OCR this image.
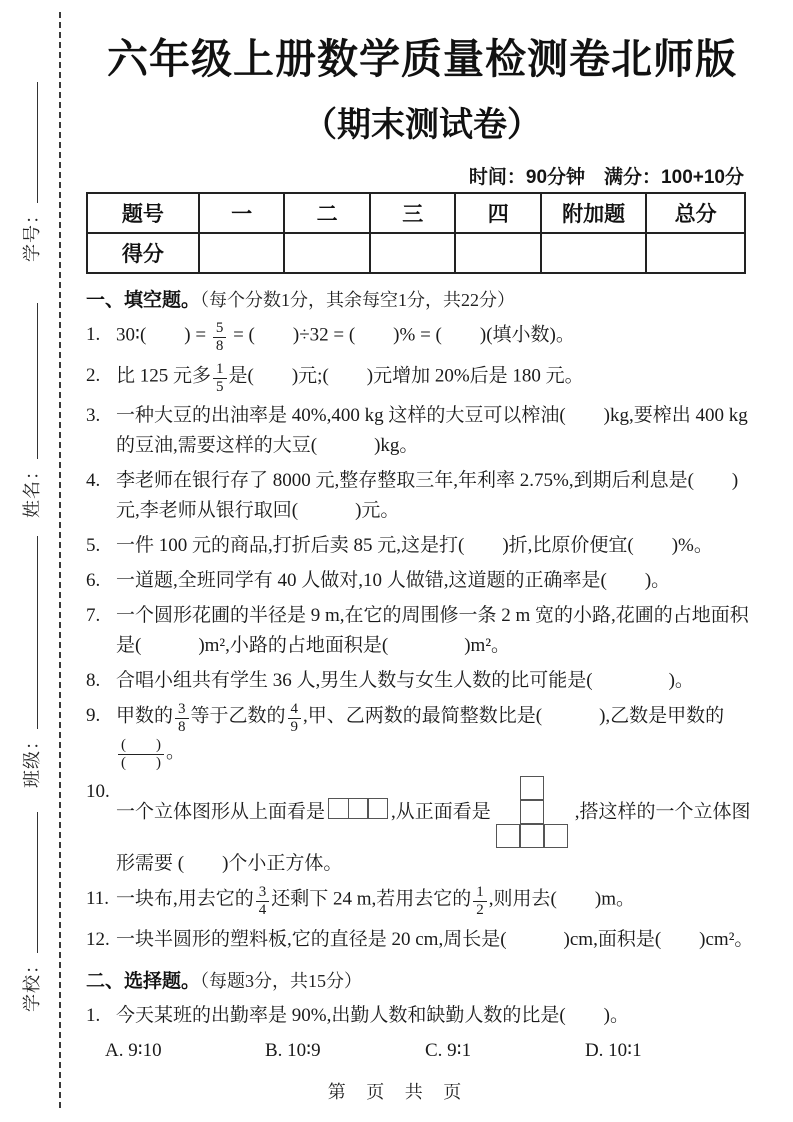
学号：
姓名：
班级：
学校：
六年级上册数学质量检测卷北师版
（期末测试卷）
时间：90分钟　满分：100+10分
题号	一	二	三	四	附加题	总分
得分						
一、填空题。（每个分数1分，其余每空1分，共22分）
1. 30∶(　　) = $\frac{5}{8}$ = (　　)÷32 = (　　)% = (　　)(填小数)。
2. 比 125 元多 $\frac{1}{5}$ 是(　　)元;(　　)元增加 20%后是 180 元。
3. 一种大豆的出油率是 40%,400 kg 这样的大豆可以榨油(　　)kg,要榨出 400 kg 的豆油,需要这样的大豆(　　　)kg。
4. 李老师在银行存了 8000 元,整存整取三年,年利率 2.75%,到期后利息是(　　)元,李老师从银行取回(　　　)元。
5. 一件 100 元的商品,打折后卖 85 元,这是打(　　)折,比原价便宜(　　)%。
6. 一道题,全班同学有 40 人做对,10 人做错,这道题的正确率是(　　)。
7. 一个圆形花圃的半径是 9 m,在它的周围修一条 2 m 宽的小路,花圃的占地面积是(　　　)m²,小路的占地面积是(　　　　)m²。
8. 合唱小组共有学生 36 人,男生人数与女生人数的比可能是(　　　　)。
9. 甲数的 $\frac{3}{8}$ 等于乙数的 $\frac{4}{9}$ ,甲、乙两数的最简整数比是(　　　),乙数是甲数的
$\frac{( )}{( )}$ 。
10.
一个立体图形从上面看是	,从正面看是	,搭这样的一个立体图形需要 (　　)个小正方体。
11. 一块布,用去它的 $\frac{3}{4}$ 还剩下 24 m,若用去它的 $\frac{1}{2}$ ,则用去(　　)m。
12. 一块半圆形的塑料板,它的直径是 20 cm,周长是(　　　)cm,面积是(　　)cm²。
二、选择题。（每题3分，共15分）
1. 今天某班的出勤率是 90%,出勤人数和缺勤人数的比是(　　)。
A. 9∶10	B. 10∶9	C. 9∶1	D. 10∶1
第 页 共 页
